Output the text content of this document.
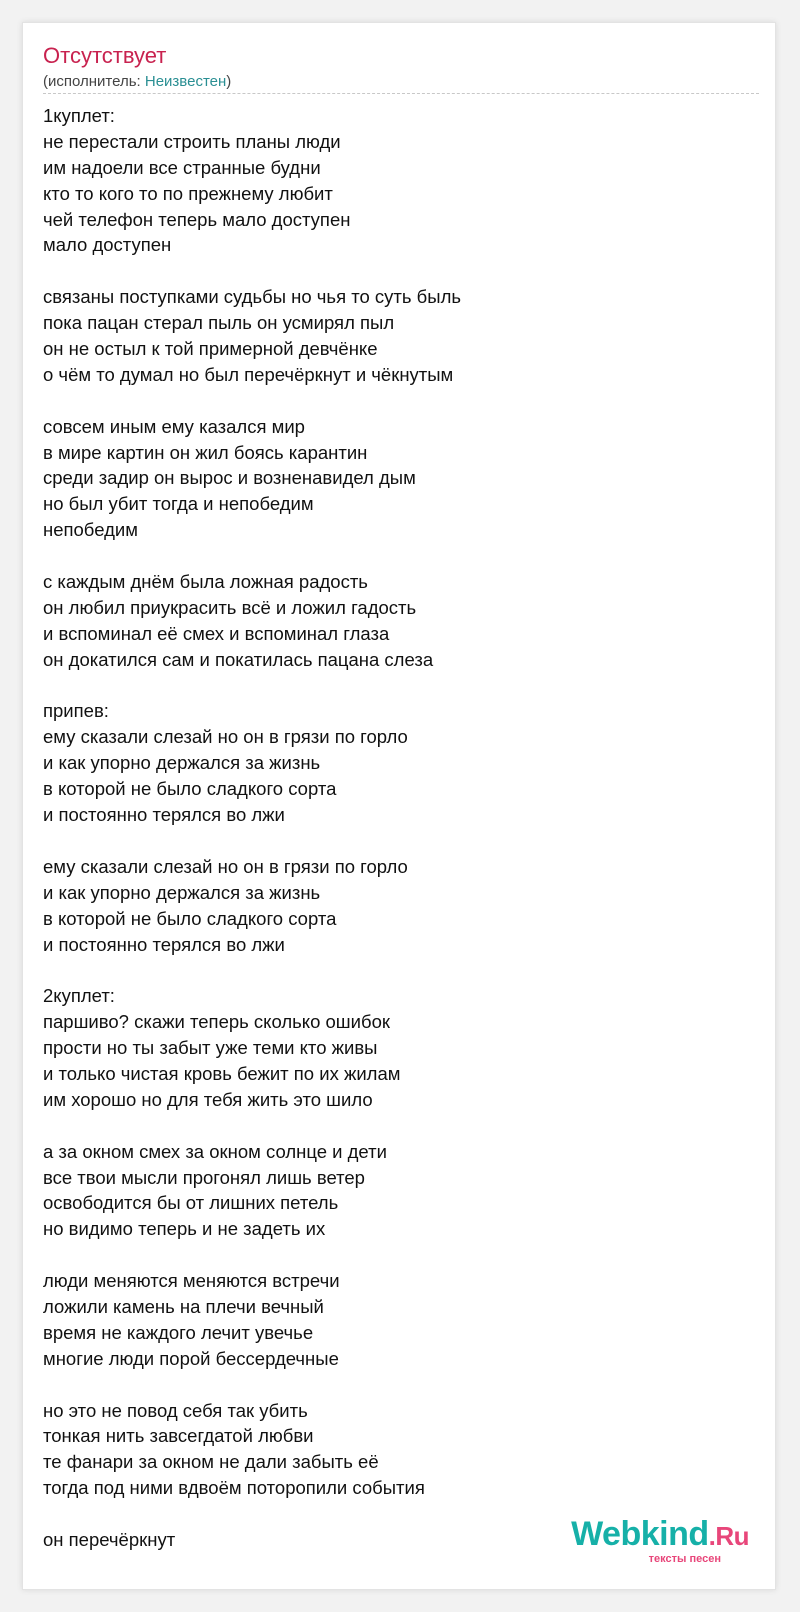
Отсутствует
(исполнитель: Неизвестен)
1куплет:
не перестали строить планы люди
им надоели все странные будни
кто то кого то по прежнему любит
чей телефон теперь мало доступен
мало доступен
связаны поступками судьбы но чья то суть быль
пока пацан стерал пыль он усмирял пыл
он не остыл к той примерной девчёнке
о чём то думал но был перечёркнут и чёкнутым
совсем иным ему казался мир
в мире картин он жил боясь карантин
среди задир он вырос и возненавидел дым
но был убит тогда и непобедим
непобедим
с каждым днём была ложная радость
он любил приукрасить всё и ложил гадость
и вспоминал её смех и вспоминал глаза
он докатился сам и покатилась пацана слеза
припев:
ему сказали слезай но он в грязи по горло
и как упорно держался за жизнь
в которой не было сладкого сорта
и постоянно терялся во лжи
ему сказали слезай но он в грязи по горло
и как упорно держался за жизнь
в которой не было сладкого сорта
и постоянно терялся во лжи
2куплет:
паршиво? скажи теперь сколько ошибок
прости но ты забыт уже теми кто живы
и только чистая кровь бежит по их жилам
им хорошо но для тебя жить это шило
а за окном смех за окном солнце и дети
все твои мысли прогонял лишь ветер
освободится бы от лишних петель
но видимо теперь и не задеть их
люди меняются меняются встречи
ложили камень на плечи вечный
время не каждого лечит увечье
многие люди порой бессердечные
но это не повод себя так убить
тонкая нить завсегдатой любви
те фанари за окном не дали забыть её
тогда под ними вдвоём поторопили события
он перечёркнут	Webkind.Ru
тексты песен
